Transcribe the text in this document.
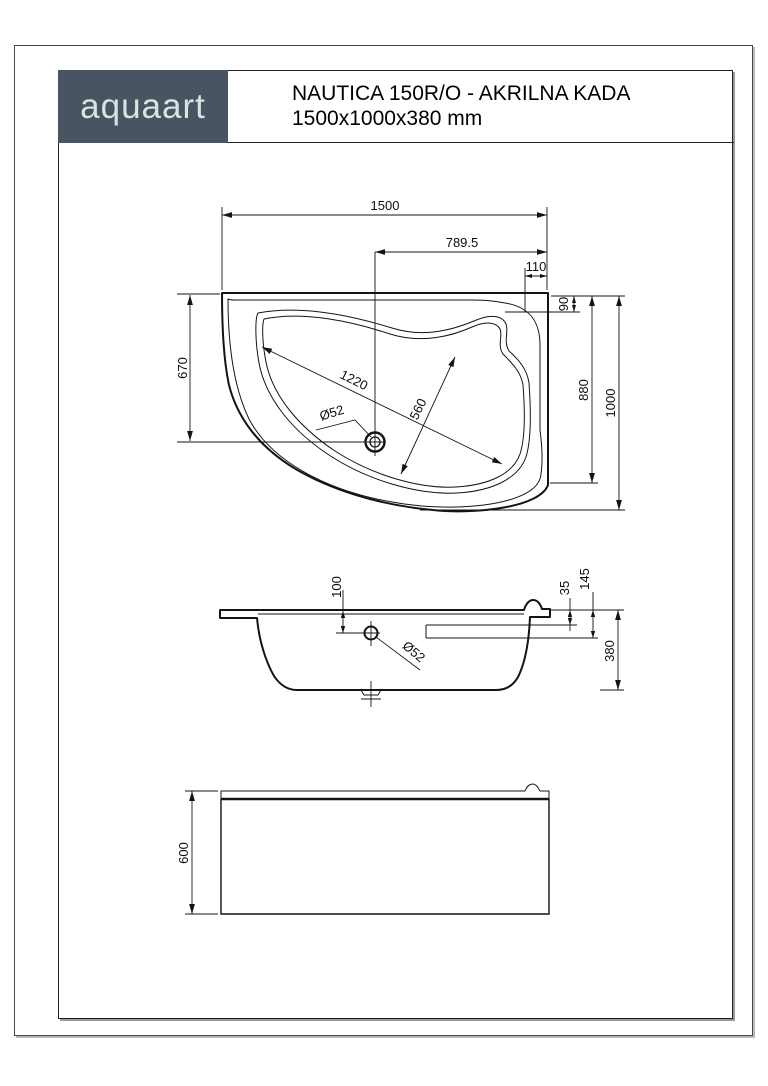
aquaart	NAUTICA 150R/O - AKRILNA KADA
1500x1000x380 mm
1500
789.5
110
670
90
880 1000
1220
560
Ø52
100
Ø52
35 145
380
600
